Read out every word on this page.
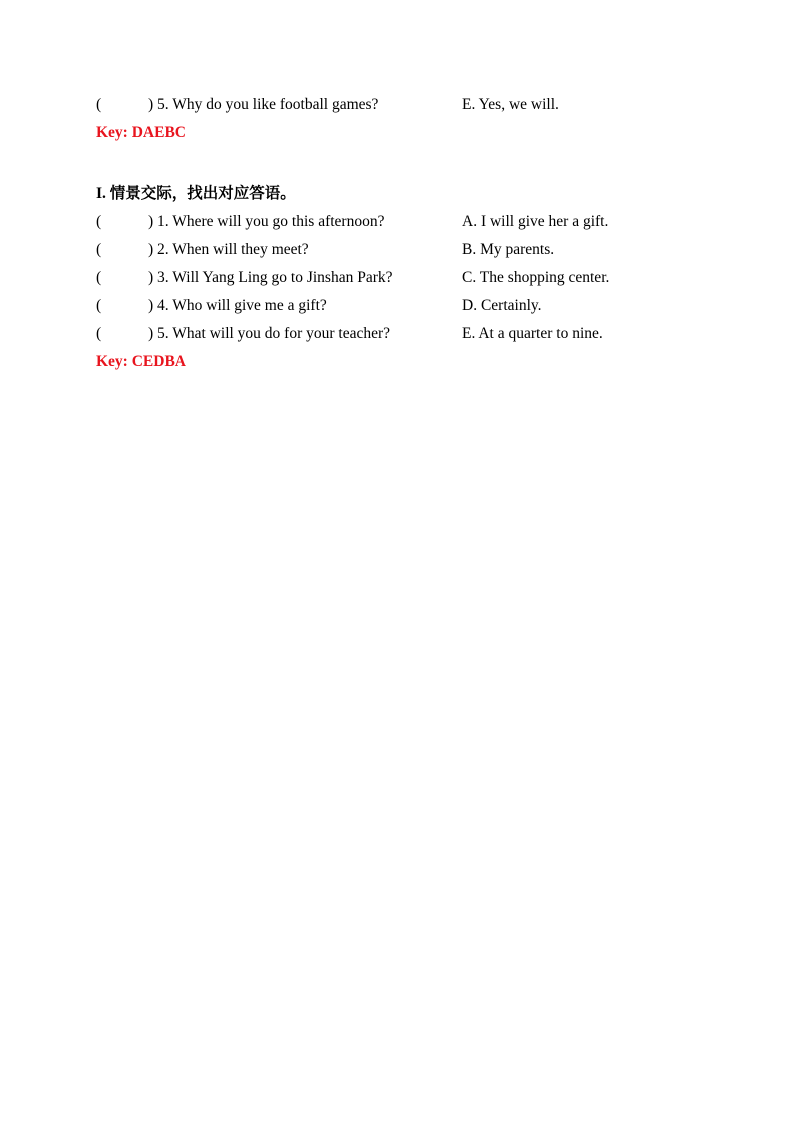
(	) 5. Why do you like football games?	E. Yes, we will.
Key: DAEBC
I. 情景交际，找出对应答语。
(	) 1. Where will you go this afternoon?	A. I will give her a gift.
(	) 2. When will they meet?	B. My parents.
(	) 3. Will Yang Ling go to Jinshan Park?	C. The shopping center.
(	) 4. Who will give me a gift?	D. Certainly.
(	) 5. What will you do for your teacher?	E. At a quarter to nine.
Key: CEDBA
